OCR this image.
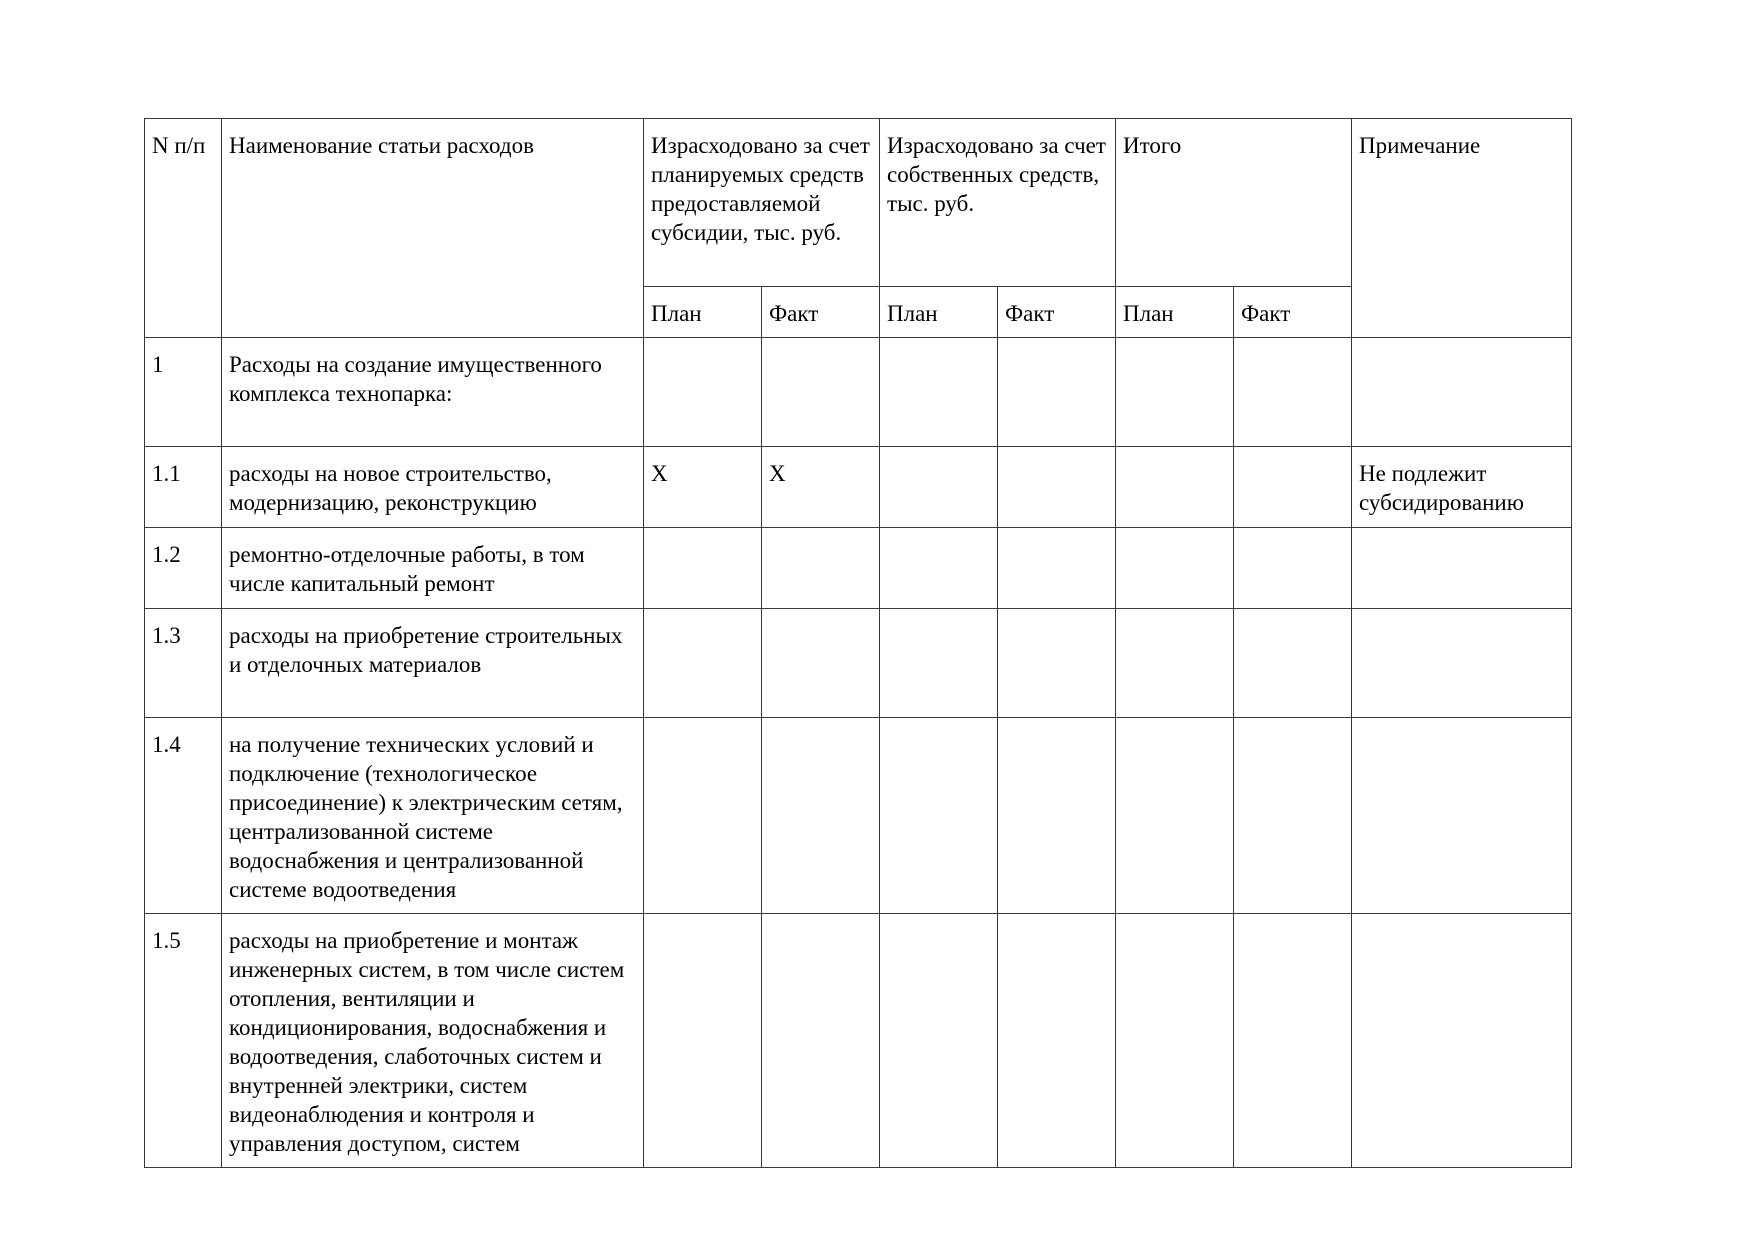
N п/п	Наименование статьи расходов	Израсходовано за счет планируемых средств предоставляемой субсидии, тыс. руб.		Израсходовано за счет собственных средств, тыс. руб.		Итого		Примечание
		План	Факт	План	Факт	План	Факт	
1	Расходы на создание имущественного комплекса технопарка:							
1.1	расходы на новое строительство, модернизацию, реконструкцию	X	X					Не подлежит субсидированию
1.2	ремонтно-отделочные работы, в том числе капитальный ремонт							
1.3	расходы на приобретение строительных и отделочных материалов							
1.4	на получение технических условий и подключение (технологическое присоединение) к электрическим сетям, централизованной системе водоснабжения и централизованной системе водоотведения							
1.5	расходы на приобретение и монтаж инженерных систем, в том числе систем отопления, вентиляции и кондиционирования, водоснабжения и водоотведения, слаботочных систем и внутренней электрики, систем видеонаблюдения и контроля и управления доступом, систем							
